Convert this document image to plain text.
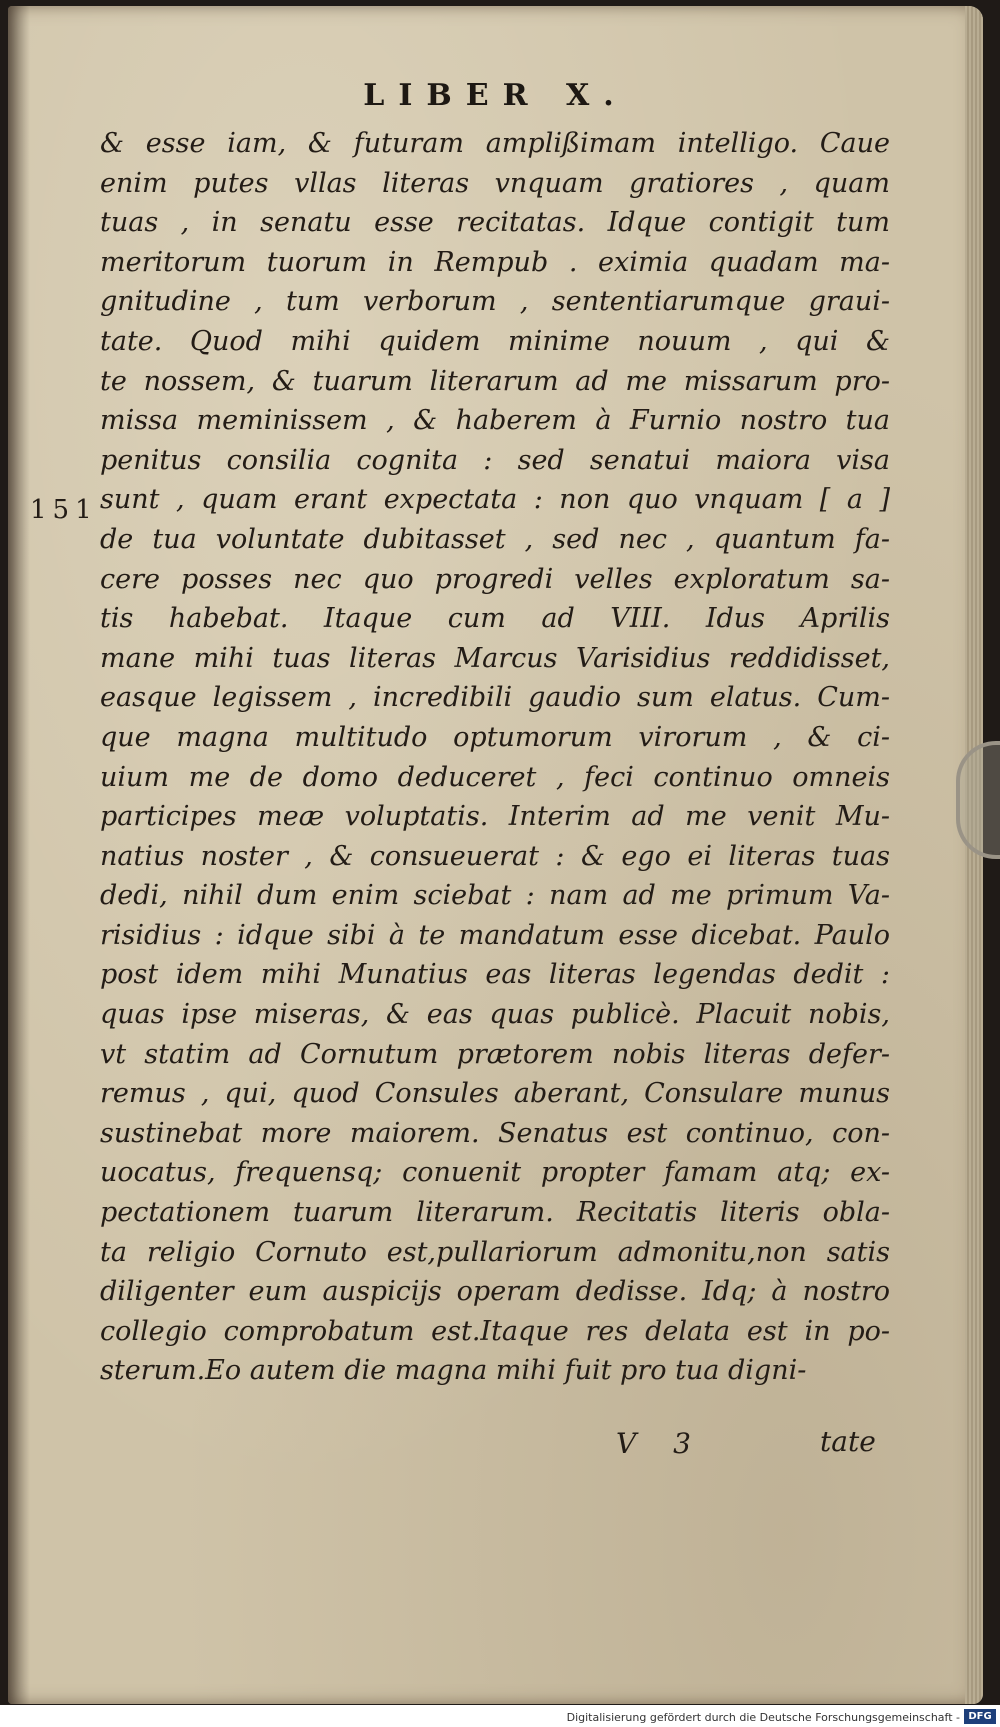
LIBER X.
151
& esse iam, & futuram amplißimam intelligo. Caue
enim putes vllas literas vnquam gratiores , quam
tuas , in senatu esse recitatas. Idque contigit tum
meritorum tuorum in Rempub . eximia quadam ma-
gnitudine , tum verborum , sententiarumque graui-
tate. Quod mihi quidem minime nouum , qui &
te nossem, & tuarum literarum ad me missarum pro-
missa meminissem , & haberem à Furnio nostro tua
penitus consilia cognita : sed senatui maiora visa
sunt , quam erant expectata : non quo vnquam [ a ]
de tua voluntate dubitasset , sed nec , quantum fa-
cere posses nec quo progredi velles exploratum sa-
tis habebat. Itaque cum ad VIII. Idus Aprilis
mane mihi tuas literas Marcus Varisidius reddidisset,
easque legissem , incredibili gaudio sum elatus. Cum-
que magna multitudo optumorum virorum , & ci-
uium me de domo deduceret , feci continuo omneis
participes meæ voluptatis. Interim ad me venit Mu-
natius noster , & consueuerat : & ego ei literas tuas
dedi, nihil dum enim sciebat : nam ad me primum Va-
risidius : idque sibi à te mandatum esse dicebat. Paulo
post idem mihi Munatius eas literas legendas dedit :
quas ipse miseras, & eas quas publicè. Placuit nobis,
vt statim ad Cornutum prætorem nobis literas defer-
remus , qui, quod Consules aberant, Consulare munus
sustinebat more maiorem. Senatus est continuo, con-
uocatus, frequensq; conuenit propter famam atq; ex-
pectationem tuarum literarum. Recitatis literis obla-
ta religio Cornuto est,pullariorum admonitu,non satis
diligenter eum auspicijs operam dedisse. Idq; à nostro
collegio comprobatum est.Itaque res delata est in po-
sterum.Eo autem die magna mihi fuit pro tua digni-
V 3	tate
Digitalisierung gefördert durch die Deutsche Forschungsgemeinschaft - DFG
